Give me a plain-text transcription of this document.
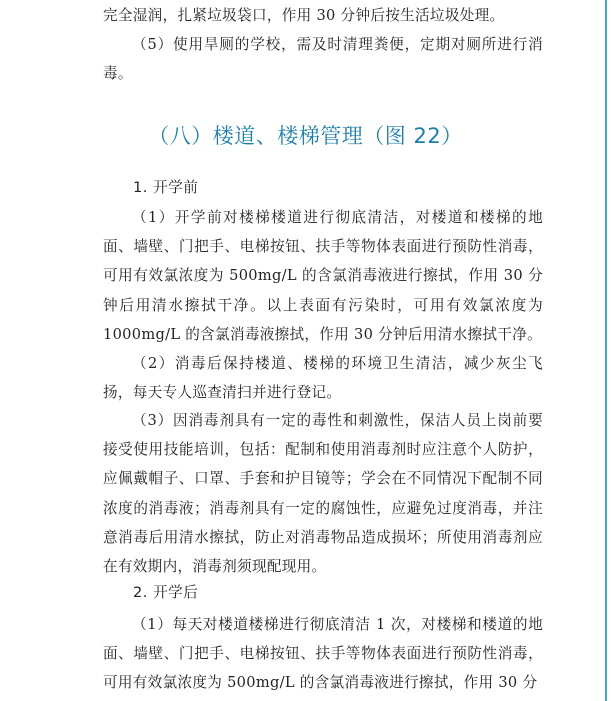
完全湿润，扎紧垃圾袋口，作用 30 分钟后按生活垃圾处理。
（5）使用旱厕的学校，需及时清理粪便，定期对厕所进行消毒。
（八）楼道、楼梯管理（图 22）
1. 开学前
（1）开学前对楼梯楼道进行彻底清洁，对楼道和楼梯的地面、墙壁、门把手、电梯按钮、扶手等物体表面进行预防性消毒，可用有效氯浓度为 500mg/L 的含氯消毒液进行擦拭，作用 30 分钟后用清水擦拭干净。以上表面有污染时，可用有效氯浓度为 1000mg/L 的含氯消毒液擦拭，作用 30 分钟后用清水擦拭干净。
（2）消毒后保持楼道、楼梯的环境卫生清洁，减少灰尘飞扬，每天专人巡查清扫并进行登记。
（3）因消毒剂具有一定的毒性和刺激性，保洁人员上岗前要接受使用技能培训，包括：配制和使用消毒剂时应注意个人防护，应佩戴帽子、口罩、手套和护目镜等；学会在不同情况下配制不同浓度的消毒液；消毒剂具有一定的腐蚀性，应避免过度消毒，并注意消毒后用清水擦拭，防止对消毒物品造成损坏；所使用消毒剂应在有效期内，消毒剂须现配现用。
2. 开学后
（1）每天对楼道楼梯进行彻底清洁 1 次，对楼梯和楼道的地面、墙壁、门把手、电梯按钮、扶手等物体表面进行预防性消毒，可用有效氯浓度为 500mg/L 的含氯消毒液进行擦拭，作用 30 分
